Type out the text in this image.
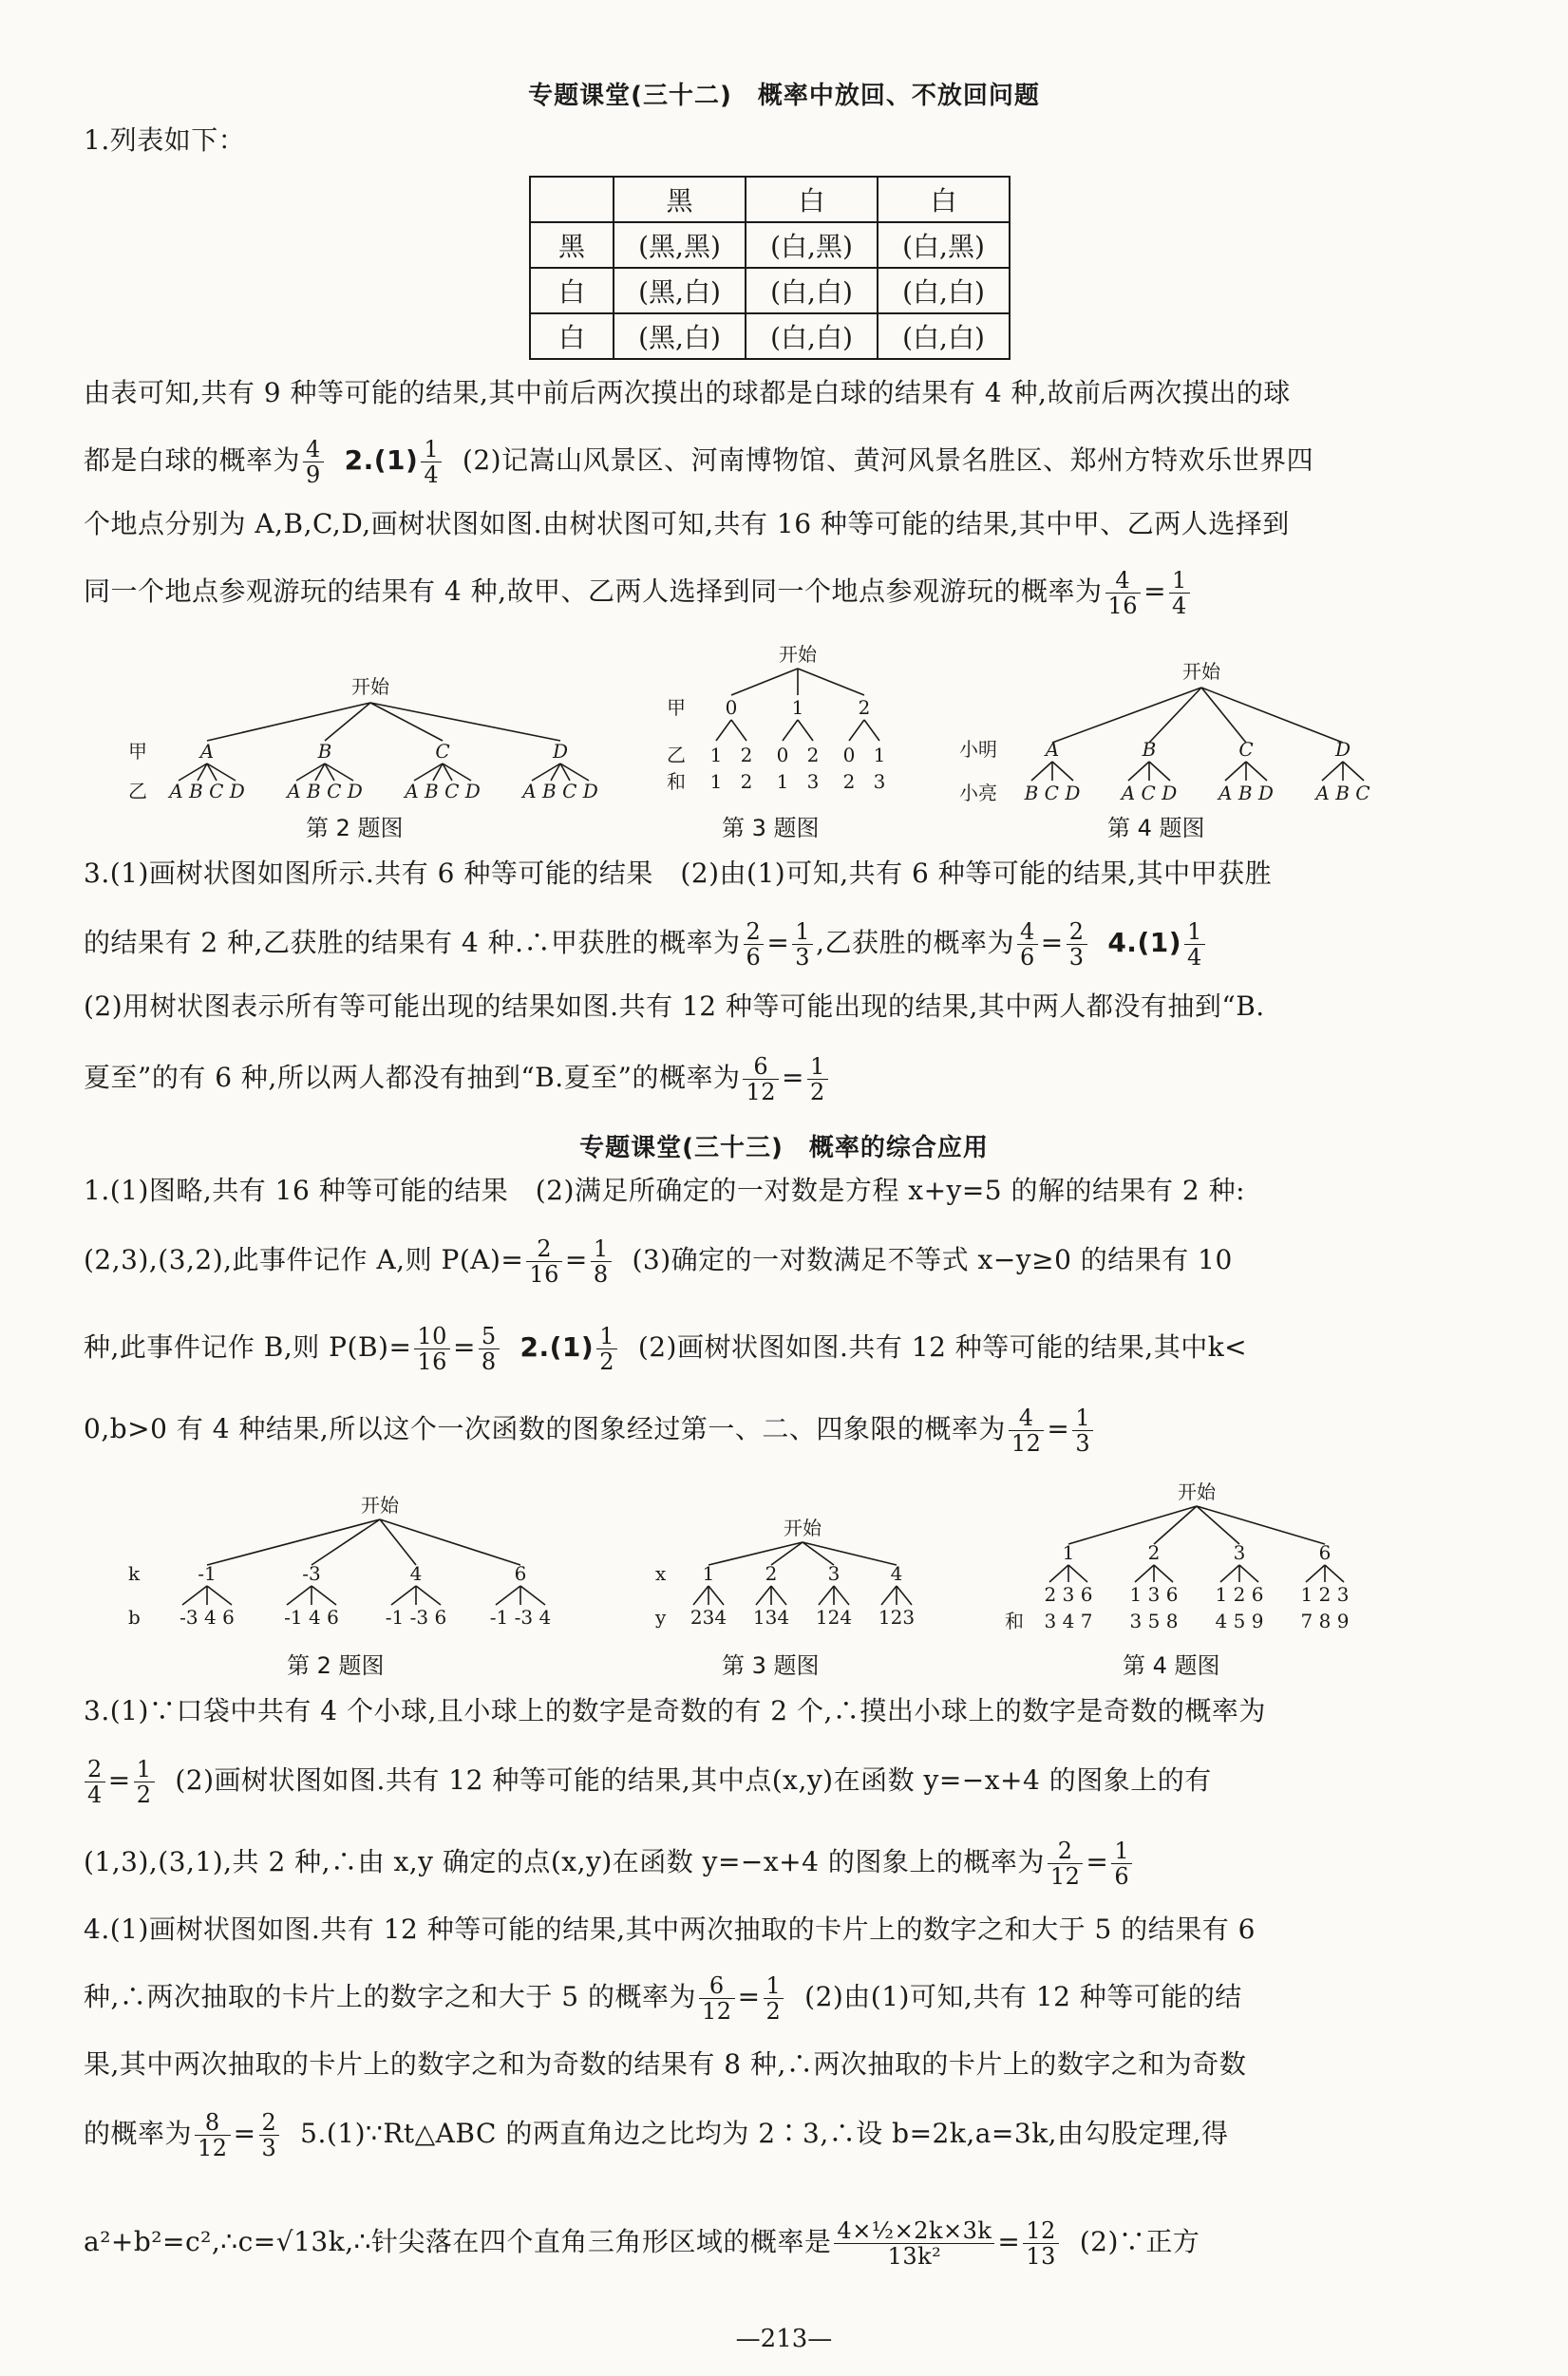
专题课堂(三十二)　概率中放回、不放回问题
1.列表如下：
	黑	白	白
黑	(黑,黑)	(白,黑)	(白,黑)
白	(黑,白)	(白,白)	(白,白)
白	(黑,白)	(白,白)	(白,白)
由表可知,共有 9 种等可能的结果,其中前后两次摸出的球都是白球的结果有 4 种,故前后两次摸出的球
都是白球的概率为 $\frac{4}{9} 2.(1) \frac{1}{4} (2)$记嵩山风景区、河南博物馆、黄河风景名胜区、郑州方特欢乐世界四
个地点分别为 A,B,C,D,画树状图如图.由树状图可知,共有 16 种等可能的结果,其中甲、乙两人选择到
同一个地点参观游玩的结果有 4 种,故甲、乙两人选择到同一个地点参观游玩的概率为 $\frac{4}{16} = \frac{1}{4}$
开始
甲	A	B	C	D
乙 A B C D A B C D A B C D A B C D
第 2 题图
开始
甲 0	1	2
乙 1 2 0 2 0 1
和 1 2 1 3 2 3
第 3 题图
开始
小明	A	B	C	D
小亮 B C D A C D A B D A B C
第 4 题图
3.(1)画树状图如图所示.共有 6 种等可能的结果　(2)由(1)可知,共有 6 种等可能的结果,其中甲获胜
的结果有 2 种,乙获胜的结果有 4 种.∴甲获胜的概率为 $\frac{2}{6} = \frac{1}{3}$ ,乙获胜的概率为 $\frac{4}{6} = \frac{2}{3} 4.(1) \frac{1}{4}$
(2)用树状图表示所有等可能出现的结果如图.共有 12 种等可能出现的结果,其中两人都没有抽到“B.
夏至”的有 6 种,所以两人都没有抽到“B.夏至”的概率为 $\frac{6}{12} = \frac{1}{2}$
专题课堂(三十三)　概率的综合应用
1.(1)图略,共有 16 种等可能的结果　(2)满足所确定的一对数是方程 x+y=5 的解的结果有 2 种:
(2,3),(3,2),此事件记作 A,则 $P(A)= \frac{2}{16} = \frac{1}{8} (3)$确定的一对数满足不等式 x−y≥0 的结果有 10
种,此事件记作 B,则 $P(B)= \frac{10}{16} = \frac{5}{8} 2.(1) \frac{1}{2} (2)$画树状图如图.共有 12 种等可能的结果,其中k<
0,b>0 有 4 种结果,所以这个一次函数的图象经过第一、二、四象限的概率为 $\frac{4}{12} = \frac{1}{3}$
开始
k	-1	-3	4	6
b -3 4 6	-1 4 6 -1 -3 6 -1 -3 4
第 2 题图
开始
x 1	2	3	4
y 234 134 124 123
第 3 题图
开始
1	2	3	6
2 3 6 1 3 6 1 2 6 1 2 3
和 3 4 7 3 5 8 4 5 9 7 8 9
第 4 题图
3.(1)∵口袋中共有 4 个小球,且小球上的数字是奇数的有 2 个,∴摸出小球上的数字是奇数的概率为
$\frac{2}{4} = \frac{1}{2} (2)$画树状图如图.共有 12 种等可能的结果,其中点(x,y)在函数 y=−x+4 的图象上的有
(1,3),(3,1),共 2 种,∴由 x,y 确定的点(x,y)在函数 y=−x+4 的图象上的概率为 $\frac{2}{12} = \frac{1}{6}$
4.(1)画树状图如图.共有 12 种等可能的结果,其中两次抽取的卡片上的数字之和大于 5 的结果有 6
种,∴两次抽取的卡片上的数字之和大于 5 的概率为 $\frac{6}{12} = \frac{1}{2} (2)$由(1)可知,共有 12 种等可能的结
果,其中两次抽取的卡片上的数字之和为奇数的结果有 8 种,∴两次抽取的卡片上的数字之和为奇数
的概率为 $\frac{8}{12} = \frac{2}{3}$ 5.(1)∵Rt△ABC 的两直角边之比均为 2∶3,∴设 b=2k,a=3k,由勾股定理,得
a²+b²=c²,∴c=√13k,∴针尖落在四个直角三角形区域的概率是 $\frac{\text{4×½×2k×3k}}{\text{13k²}} = \frac{12}{13}$ (2)∵正方
—213—
